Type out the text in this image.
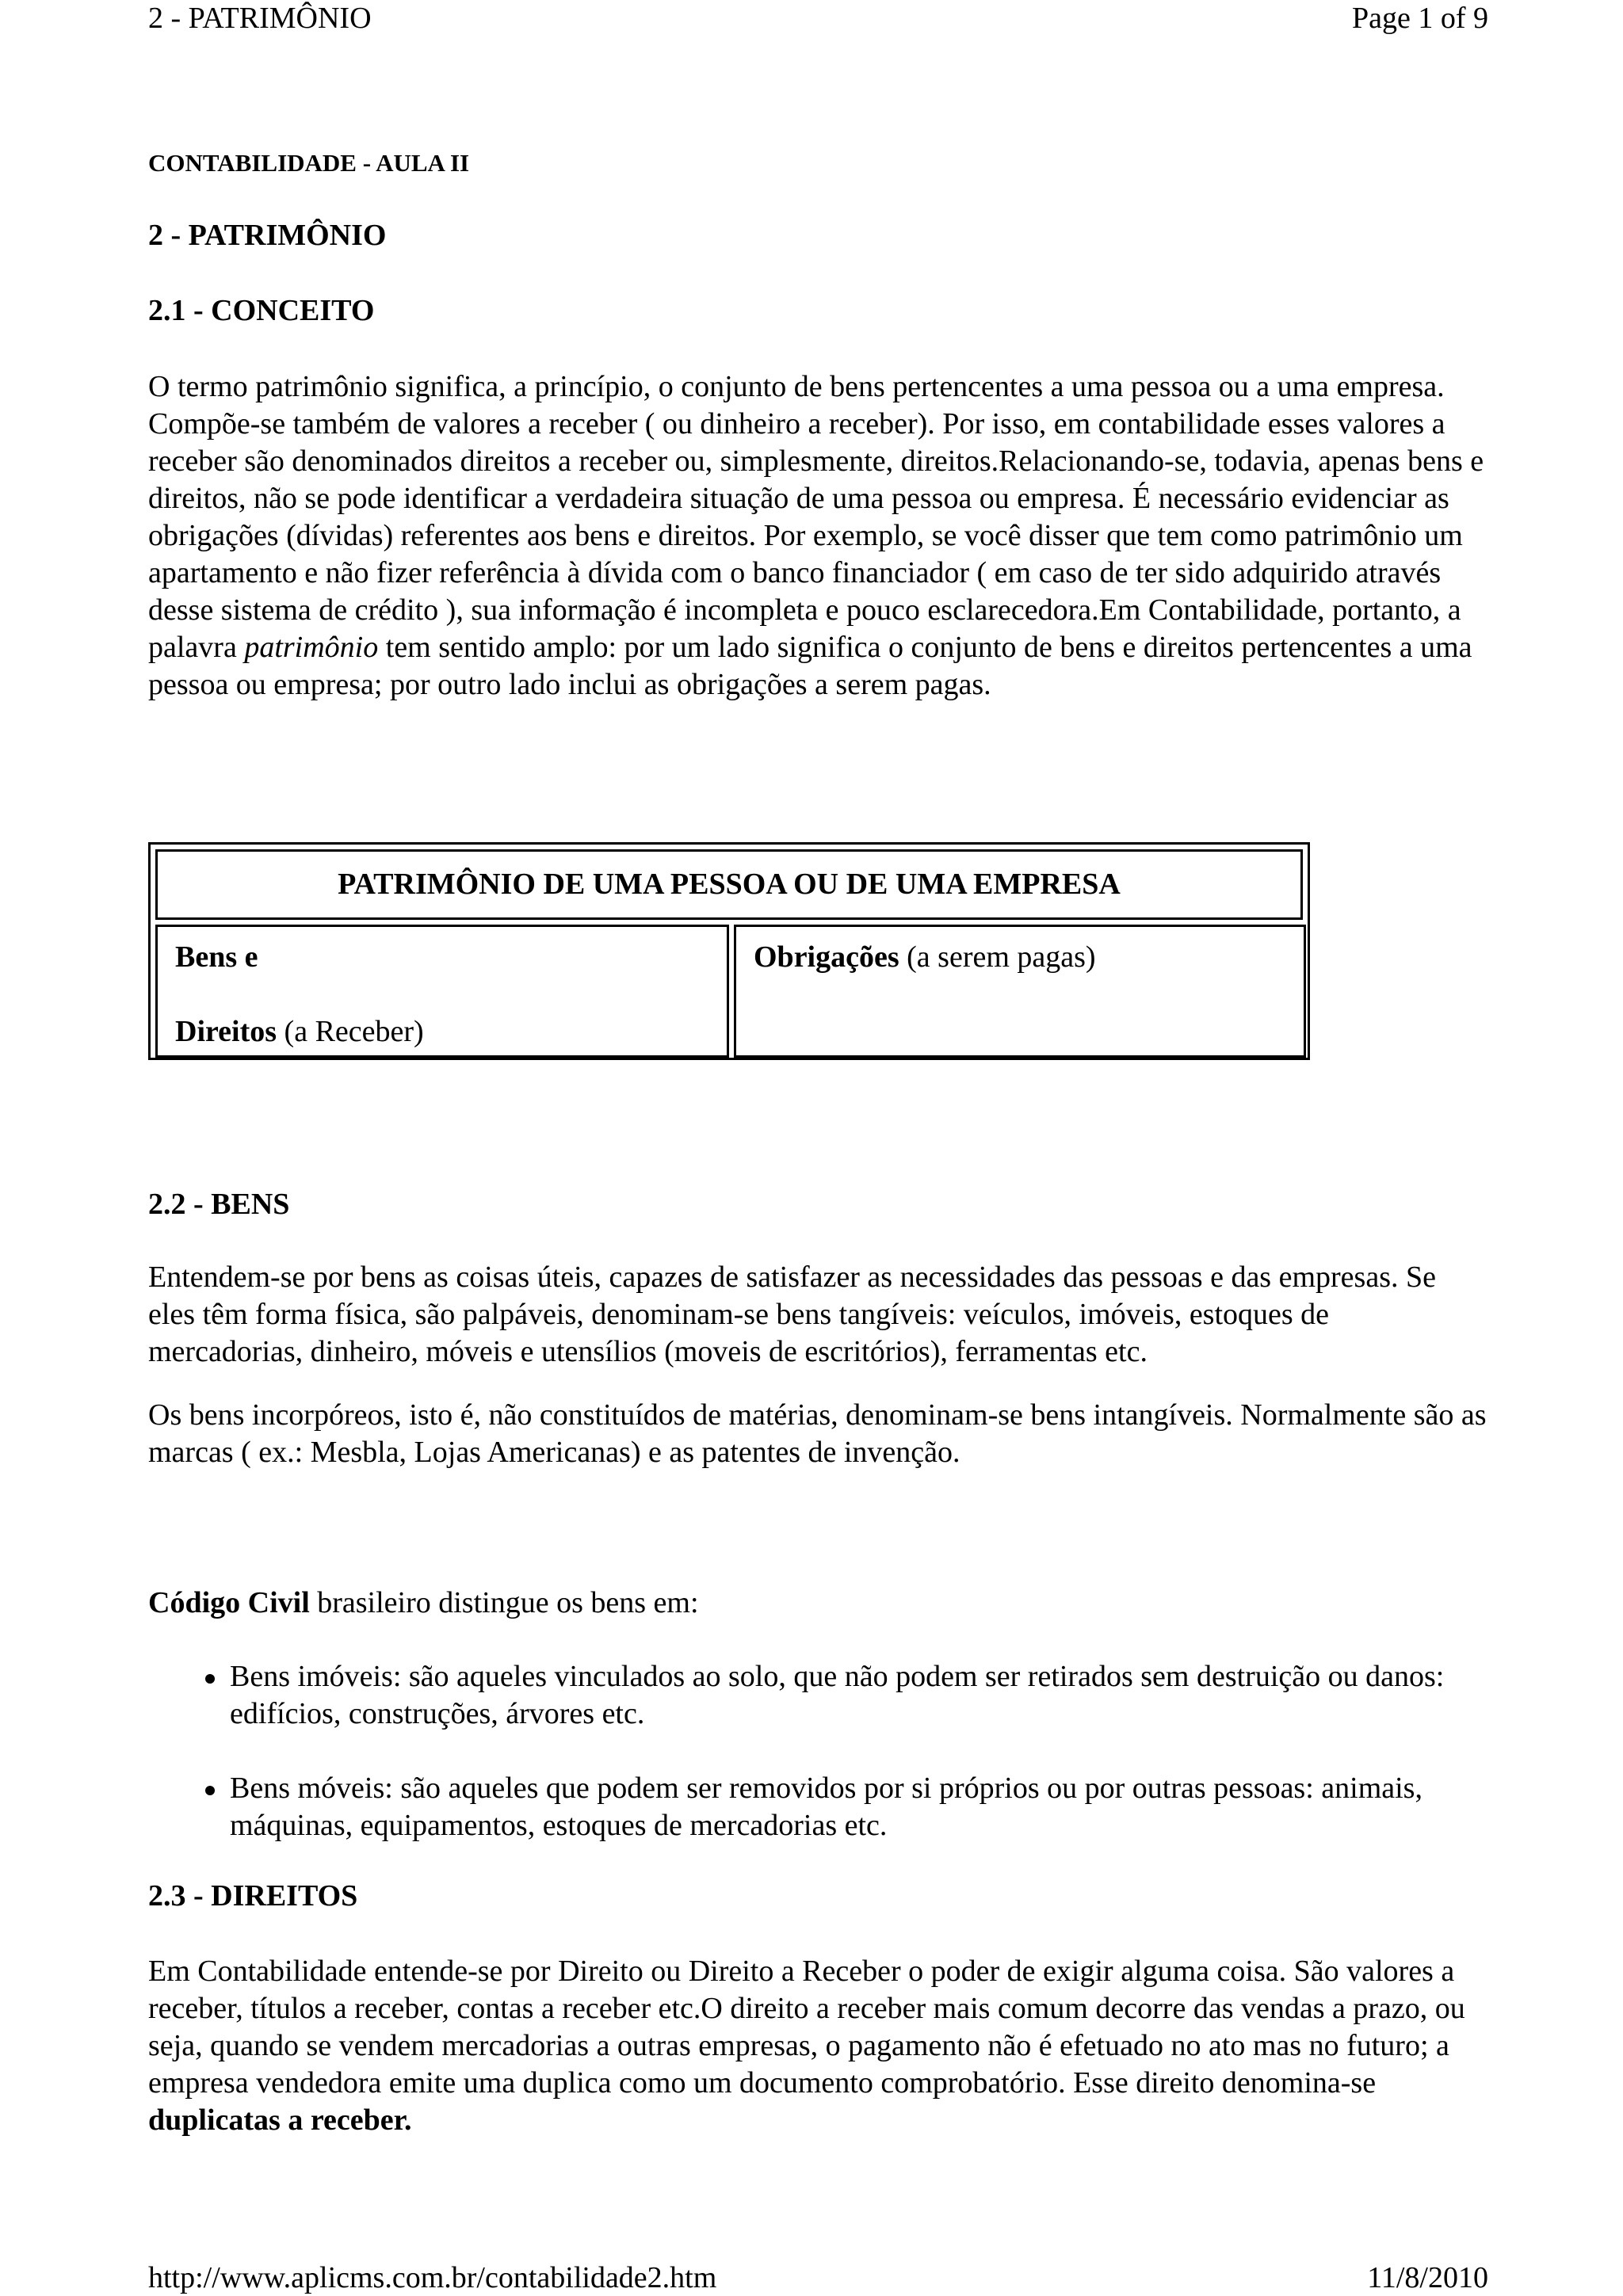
2 - PATRIMÔNIO	Page 1 of 9
CONTABILIDADE - AULA II
2 - PATRIMÔNIO
2.1 - CONCEITO

O termo patrimônio significa, a princípio, o conjunto de bens pertencentes a uma pessoa ou a uma empresa. Compõe-se também de valores a receber ( ou dinheiro a receber). Por isso, em contabilidade esses valores a receber são denominados direitos a receber ou, simplesmente, direitos.Relacionando-se, todavia, apenas bens e direitos, não se pode identificar a verdadeira situação de uma pessoa ou empresa. É necessário evidenciar as obrigações (dívidas) referentes aos bens e direitos. Por exemplo, se você disser que tem como patrimônio um apartamento e não fizer referência à dívida com o banco financiador ( em caso de ter sido adquirido através desse sistema de crédito ), sua informação é incompleta e pouco esclarecedora.Em Contabilidade, portanto, a palavra patrimônio tem sentido amplo: por um lado significa o conjunto de bens e direitos pertencentes a uma pessoa ou empresa; por outro lado inclui as obrigações a serem pagas.

PATRIMÔNIO DE UMA PESSOA OU DE UMA EMPRESA
Bens e
Direitos (a Receber)
Obrigações (a serem pagas)
2.2 - BENS
Entendem-se por bens as coisas úteis, capazes de satisfazer as necessidades das pessoas e das empresas. Se eles têm forma física, são palpáveis, denominam-se bens tangíveis: veículos, imóveis, estoques de mercadorias, dinheiro, móveis e utensílios (moveis de escritórios), ferramentas etc.
Os bens incorpóreos, isto é, não constituídos de matérias, denominam-se bens intangíveis. Normalmente são as marcas ( ex.: Mesbla, Lojas Americanas) e as patentes de invenção.
Código Civil brasileiro distingue os bens em:
Bens imóveis: são aqueles vinculados ao solo, que não podem ser retirados sem destruição ou danos: edifícios, construções, árvores etc.
Bens móveis: são aqueles que podem ser removidos por si próprios ou por outras pessoas: animais, máquinas, equipamentos, estoques de mercadorias etc.
2.3 - DIREITOS
Em Contabilidade entende-se por Direito ou Direito a Receber o poder de exigir alguma coisa. São valores a receber, títulos a receber, contas a receber etc.O direito a receber mais comum decorre das vendas a prazo, ou seja, quando se vendem mercadorias a outras empresas, o pagamento não é efetuado no ato mas no futuro; a empresa vendedora emite uma duplica como um documento comprobatório. Esse direito denomina-se duplicatas a receber.
http://www.aplicms.com.br/contabilidade2.htm	11/8/2010
